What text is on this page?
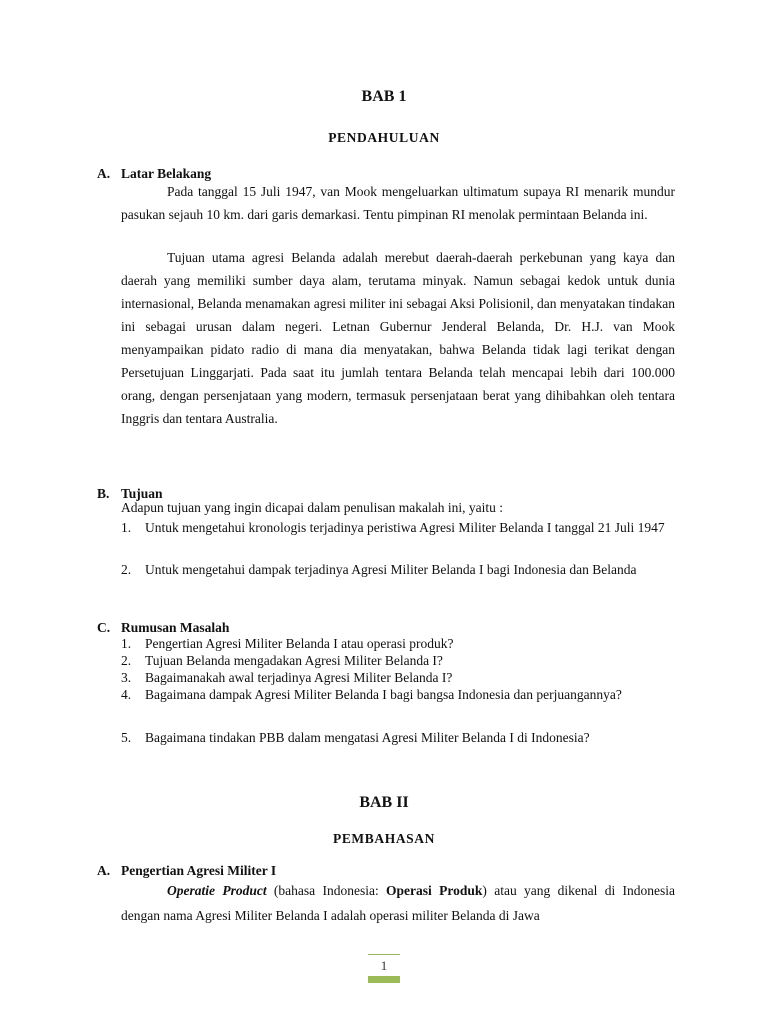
BAB 1
PENDAHULUAN
A. Latar Belakang

Pada tanggal 15 Juli 1947, van Mook mengeluarkan ultimatum supaya RI menarik mundur pasukan sejauh 10 km. dari garis demarkasi. Tentu pimpinan RI menolak permintaan Belanda ini.

Tujuan utama agresi Belanda adalah merebut daerah-daerah perkebunan yang kaya dan daerah yang memiliki sumber daya alam, terutama minyak. Namun sebagai kedok untuk dunia internasional, Belanda menamakan agresi militer ini sebagai Aksi Polisionil, dan menyatakan tindakan ini sebagai urusan dalam negeri. Letnan Gubernur Jenderal Belanda, Dr. H.J. van Mook menyampaikan pidato radio di mana dia menyatakan, bahwa Belanda tidak lagi terikat dengan Persetujuan Linggarjati. Pada saat itu jumlah tentara Belanda telah mencapai lebih dari 100.000 orang, dengan persenjataan yang modern, termasuk persenjataan berat yang dihibahkan oleh tentara Inggris dan tentara Australia.

B. Tujuan

Adapun tujuan yang ingin dicapai dalam penulisan makalah ini, yaitu :

1. Untuk mengetahui kronologis terjadinya peristiwa Agresi Militer Belanda I tanggal 21 Juli 1947
2. Untuk mengetahui dampak terjadinya Agresi Militer Belanda I bagi Indonesia dan Belanda
C. Rumusan Masalah
1. Pengertian Agresi Militer Belanda I atau operasi produk?
2. Tujuan Belanda mengadakan Agresi Militer Belanda I?
3. Bagaimanakah awal terjadinya Agresi Militer Belanda I?
4. Bagaimana dampak Agresi Militer Belanda I bagi bangsa Indonesia dan perjuangannya?
5. Bagaimana tindakan PBB dalam mengatasi Agresi Militer Belanda I di Indonesia?
BAB II
PEMBAHASAN
A. Pengertian Agresi Militer I

Operatie Product (bahasa Indonesia: Operasi Produk) atau yang dikenal di Indonesia dengan nama Agresi Militer Belanda I adalah operasi militer Belanda di Jawa

1
